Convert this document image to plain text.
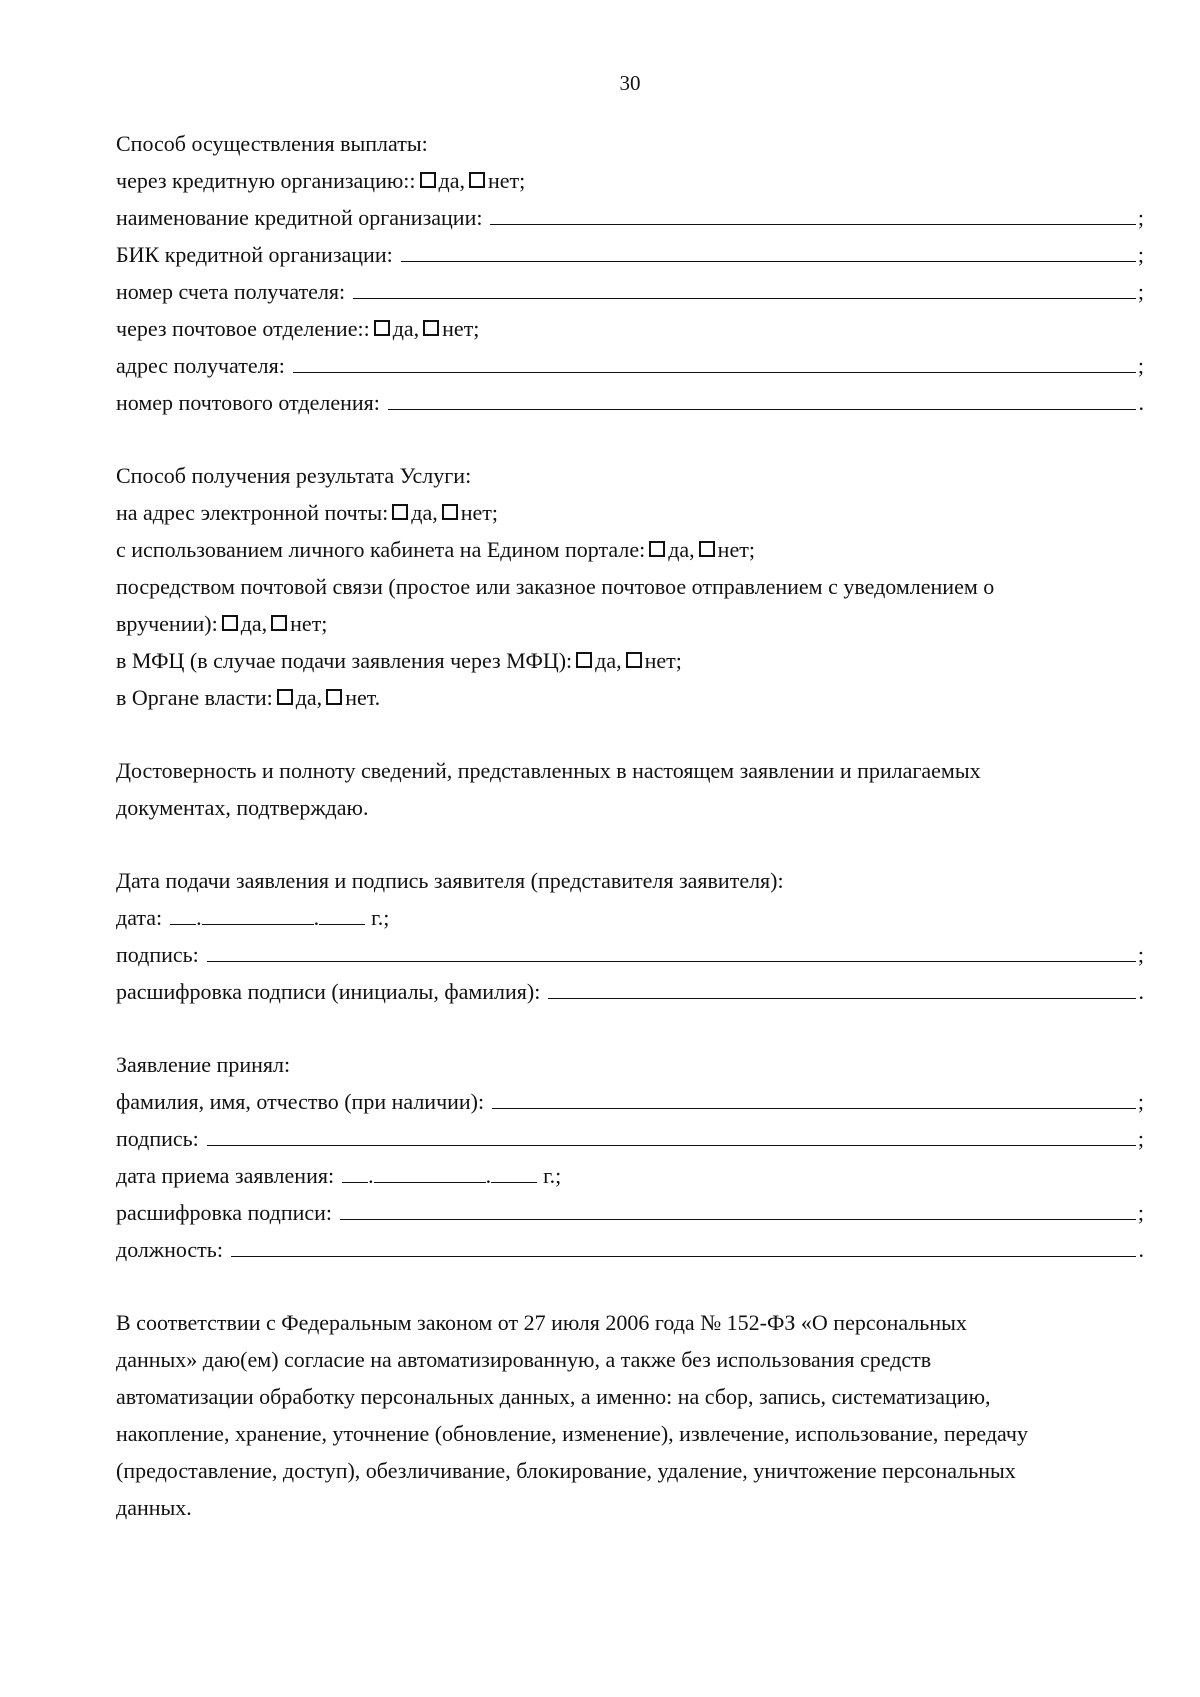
30
Способ осуществления выплаты:
через кредитную организацию:: да, нет;
наименование кредитной организации:	;
БИК кредитной организации:	;
номер счета получателя:	;
через почтовое отделение:: да, нет;
адрес получателя:	;
номер почтового отделения:	.
Способ получения результата Услуги:
на адрес электронной почты: да, нет;
с использованием личного кабинета на Едином портале: да, нет;
посредством почтовой связи (простое или заказное почтовое отправлением с уведомлением о
вручении): да, нет;
в МФЦ (в случае подачи заявления через МФЦ): да, нет;
в Органе власти: да, нет.
Достоверность и полноту сведений, представленных в настоящем заявлении и прилагаемых
документах, подтверждаю.
Дата подачи заявления и подпись заявителя (представителя заявителя):
дата: .	. г.;
подпись:	;
расшифровка подписи (инициалы, фамилия):	.
Заявление принял:
фамилия, имя, отчество (при наличии):	;
подпись:	;
дата приема заявления: .	. г.;
расшифровка подписи:	;
должность:	.
В соответствии с Федеральным законом от 27 июля 2006 года № 152-ФЗ «О персональных
данных» даю(ем) согласие на автоматизированную, а также без использования средств
автоматизации обработку персональных данных, а именно: на сбор, запись, систематизацию,
накопление, хранение, уточнение (обновление, изменение), извлечение, использование, передачу
(предоставление, доступ), обезличивание, блокирование, удаление, уничтожение персональных
данных.
